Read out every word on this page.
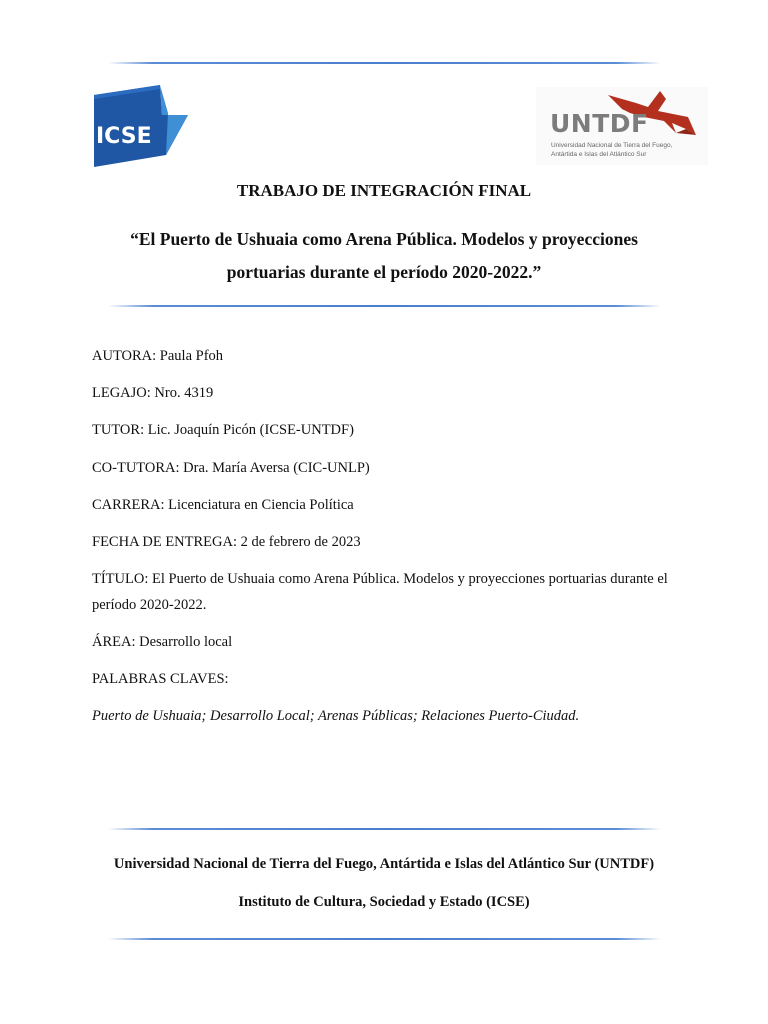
ICSE	UNTDF
Universidad Nacional de Tierra del Fuego,
Antártida e Islas del Atlántico Sur
TRABAJO DE INTEGRACIÓN FINAL
“El Puerto de Ushuaia como Arena Pública. Modelos y proyecciones portuarias durante el período 2020-2022.”
AUTORA: Paula Pfoh
LEGAJO: Nro. 4319
TUTOR: Lic. Joaquín Picón (ICSE-UNTDF)
CO-TUTORA: Dra. María Aversa (CIC-UNLP)
CARRERA: Licenciatura en Ciencia Política
FECHA DE ENTREGA: 2 de febrero de 2023
TÍTULO: El Puerto de Ushuaia como Arena Pública. Modelos y proyecciones portuarias durante el período 2020-2022.
ÁREA: Desarrollo local
PALABRAS CLAVES:
Puerto de Ushuaia; Desarrollo Local; Arenas Públicas; Relaciones Puerto-Ciudad.
Universidad Nacional de Tierra del Fuego, Antártida e Islas del Atlántico Sur (UNTDF)
Instituto de Cultura, Sociedad y Estado (ICSE)
